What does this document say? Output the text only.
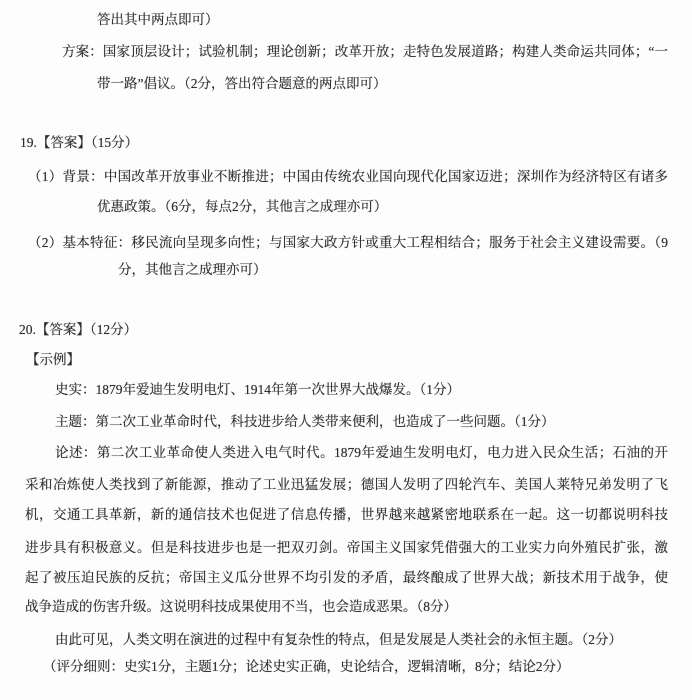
答出其中两点即可）
方案：国家顶层设计；试验机制；理论创新；改革开放；走特色发展道路；构建人类命运共同体；“一
带一路”倡议。（2分，答出符合题意的两点即可）
19.【答案】（15分）
（1）背景：中国改革开放事业不断推进；中国由传统农业国向现代化国家迈进；深圳作为经济特区有诸多
优惠政策。（6分，每点2分，其他言之成理亦可）
（2）基本特征：移民流向呈现多向性；与国家大政方针或重大工程相结合；服务于社会主义建设需要。（9
分，其他言之成理亦可）
20.【答案】（12分）
【示例】
史实：1879年爱迪生发明电灯、1914年第一次世界大战爆发。（1分）
主题：第二次工业革命时代，科技进步给人类带来便利，也造成了一些问题。（1分）
论述：第二次工业革命使人类进入电气时代。1879年爱迪生发明电灯，电力进入民众生活；石油的开
采和冶炼使人类找到了新能源，推动了工业迅猛发展；德国人发明了四轮汽车、美国人莱特兄弟发明了飞
机，交通工具革新，新的通信技术也促进了信息传播，世界越来越紧密地联系在一起。这一切都说明科技
进步具有积极意义。但是科技进步也是一把双刃剑。帝国主义国家凭借强大的工业实力向外殖民扩张，激
起了被压迫民族的反抗；帝国主义瓜分世界不均引发的矛盾，最终酿成了世界大战；新技术用于战争，使
战争造成的伤害升级。这说明科技成果使用不当，也会造成恶果。（8分）
由此可见，人类文明在演进的过程中有复杂性的特点，但是发展是人类社会的永恒主题。（2分）
（评分细则：史实1分，主题1分；论述史实正确，史论结合，逻辑清晰，8分；结论2分）
